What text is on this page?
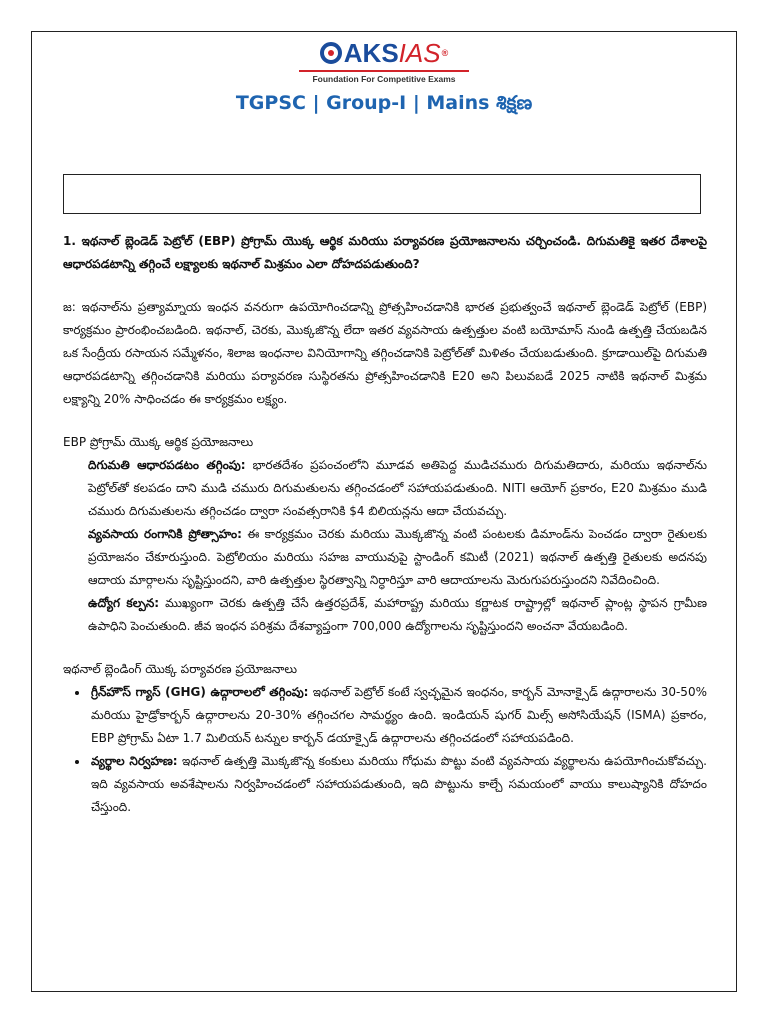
AKS IAS ®
Foundation For Competitive Exams
TGPSC | Group-I | Mains శిక్షణ

1. ఇథనాల్ బ్లెండెడ్ పెట్రోల్ (EBP) ప్రోగ్రామ్ యొక్క ఆర్థిక మరియు పర్యావరణ ప్రయోజనాలను చర్చించండి. దిగుమతికై ఇతర దేశాలపై ఆధారపడటాన్ని తగ్గించే లక్ష్యాలకు ఇథనాల్ మిశ్రమం ఎలా దోహదపడుతుంది?

జ: ఇథనాల్‌ను ప్రత్యామ్నాయ ఇంధన వనరుగా ఉపయోగించడాన్ని ప్రోత్సహించడానికి భారత ప్రభుత్వంచే ఇథనాల్ బ్లెండెడ్ పెట్రోల్ (EBP) కార్యక్రమం ప్రారంభించబడింది. ఇథనాల్, చెరకు, మొక్కజొన్న లేదా ఇతర వ్యవసాయ ఉత్పత్తుల వంటి బయోమాస్ నుండి ఉత్పత్తి చేయబడిన ఒక సేంద్రీయ రసాయన సమ్మేళనం, శిలాజ ఇంధనాల వినియోగాన్ని తగ్గించడానికి పెట్రోల్‌తో మిళితం చేయబడుతుంది. క్రూడాయిల్‌పై దిగుమతి ఆధారపడటాన్ని తగ్గించడానికి మరియు పర్యావరణ సుస్థిరతను ప్రోత్సహించడానికి E20 అని పిలువబడే 2025 నాటికి ఇథనాల్ మిశ్రమ లక్ష్యాన్ని 20% సాధించడం ఈ కార్యక్రమం లక్ష్యం.

EBP ప్రోగ్రామ్ యొక్క ఆర్థిక ప్రయోజనాలు

దిగుమతి ఆధారపడటం తగ్గింపు: భారతదేశం ప్రపంచంలోని మూడవ అతిపెద్ద ముడిచమురు దిగుమతిదారు, మరియు ఇథనాల్‌ను పెట్రోల్‌తో కలపడం దాని ముడి చమురు దిగుమతులను తగ్గించడంలో సహాయపడుతుంది. NITI ఆయోగ్ ప్రకారం, E20 మిశ్రమం ముడి చమురు దిగుమతులను తగ్గించడం ద్వారా సంవత్సరానికి $4 బిలియన్లను ఆదా చేయవచ్చు.

వ్యవసాయ రంగానికి ప్రోత్సాహం: ఈ కార్యక్రమం చెరకు మరియు మొక్కజొన్న వంటి పంటలకు డిమాండ్‌ను పెంచడం ద్వారా రైతులకు ప్రయోజనం చేకూరుస్తుంది. పెట్రోలియం మరియు సహజ వాయువుపై స్టాండింగ్ కమిటీ (2021) ఇథనాల్ ఉత్పత్తి రైతులకు అదనపు ఆదాయ మార్గాలను సృష్టిస్తుందని, వారి ఉత్పత్తుల స్థిరత్వాన్ని నిర్ధారిస్తూ వారి ఆదాయాలను మెరుగుపరుస్తుందని నివేదించింది.

ఉద్యోగ కల్పన: ముఖ్యంగా చెరకు ఉత్పత్తి చేసే ఉత్తరప్రదేశ్, మహారాష్ట్ర మరియు కర్ణాటక రాష్ట్రాల్లో ఇథనాల్ ప్లాంట్ల స్థాపన గ్రామీణ ఉపాధిని పెంచుతుంది. జీవ ఇంధన పరిశ్రమ దేశవ్యాప్తంగా 700,000 ఉద్యోగాలను సృష్టిస్తుందని అంచనా వేయబడింది.

ఇథనాల్ బ్లెండింగ్ యొక్క పర్యావరణ ప్రయోజనాలు

• గ్రీన్‌హౌస్ గ్యాస్ (GHG) ఉద్గారాలలో తగ్గింపు: ఇథనాల్ పెట్రోల్ కంటే స్వచ్ఛమైన ఇంధనం, కార్బన్ మోనాక్సైడ్ ఉద్గారాలను 30-50% మరియు హైడ్రోకార్బన్ ఉద్గారాలను 20-30% తగ్గించగల సామర్థ్యం ఉంది. ఇండియన్ షుగర్ మిల్స్ అసోసియేషన్ (ISMA) ప్రకారం, EBP ప్రోగ్రామ్ ఏటా 1.7 మిలియన్ టన్నుల కార్బన్ డయాక్సైడ్ ఉద్గారాలను తగ్గించడంలో సహాయపడింది.
• వ్యర్థాల నిర్వహణ: ఇథనాల్ ఉత్పత్తి మొక్కజొన్న కంకులు మరియు గోధుమ పొట్టు వంటి వ్యవసాయ వ్యర్థాలను ఉపయోగించుకోవచ్చు. ఇది వ్యవసాయ అవశేషాలను నిర్వహించడంలో సహాయపడుతుంది, ఇది పొట్టును కాల్చే సమయంలో వాయు కాలుష్యానికి దోహదం చేస్తుంది.
